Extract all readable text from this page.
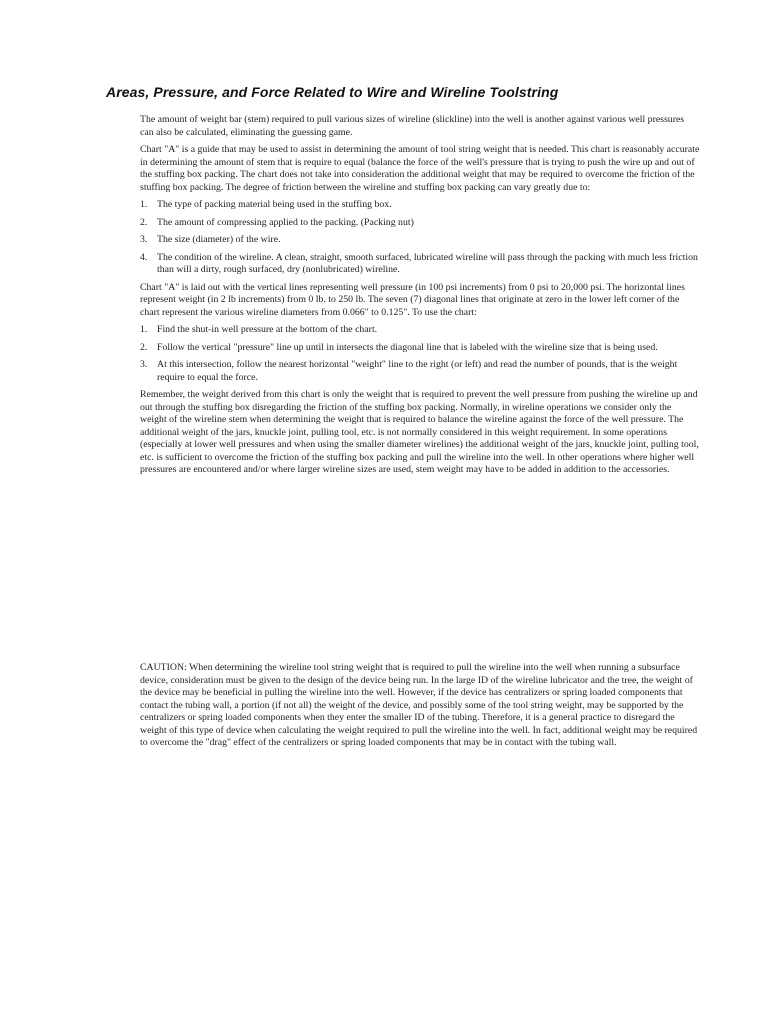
Areas, Pressure, and Force Related to Wire and Wireline Toolstring

The amount of weight bar (stem) required to pull various sizes of wireline (slickline) into the well is another against various well pressures can also be calculated, eliminating the guessing game.

Chart "A" is a guide that may be used to assist in determining the amount of tool string weight that is needed. This chart is reasonably accurate in determining the amount of stem that is require to equal (balance the force of the well's pressure that is trying to push the wire up and out of the stuffing box packing. The chart does not take into consideration the additional weight that may be required to overcome the friction of the stuffing box packing. The degree of friction between the wireline and stuffing box packing can vary greatly due to:

1. The type of packing material being used in the stuffing box.
2. The amount of compressing applied to the packing. (Packing nut)
3. The size (diameter) of the wire.
4. The condition of the wireline. A clean, straight, smooth surfaced, lubricated wireline will pass through the packing with much less friction than will a dirty, rough surfaced, dry (nonlubricated) wireline.

Chart "A" is laid out with the vertical lines representing well pressure (in 100 psi increments) from 0 psi to 20,000 psi. The horizontal lines represent weight (in 2 lb increments) from 0 lb. to 250 lb. The seven (7) diagonal lines that originate at zero in the lower left corner of the chart represent the various wireline diameters from 0.066" to 0.125". To use the chart:

1. Find the shut-in well pressure at the bottom of the chart.
2. Follow the vertical "pressure" line up until in intersects the diagonal line that is labeled with the wireline size that is being used.
3. At this intersection, follow the nearest horizontal "weight" line to the right (or left) and read the number of pounds, that is the weight require to equal the force.

Remember, the weight derived from this chart is only the weight that is required to prevent the well pressure from pushing the wireline up and out through the stuffing box disregarding the friction of the stuffing box packing. Normally, in wireline operations we consider only the weight of the wireline stem when determining the weight that is required to balance the wireline against the force of the well pressure. The additional weight of the jars, knuckle joint, pulling tool, etc. is not normally considered in this weight requirement. In some operations (especially at lower well pressures and when using the smaller diameter wirelines) the additional weight of the jars, knuckle joint, pulling tool, etc. is sufficient to overcome the friction of the stuffing box packing and pull the wireline into the well. In other operations where higher well pressures are encountered and/or where larger wireline sizes are used, stem weight may have to be added in addition to the accessories.

CAUTION: When determining the wireline tool string weight that is required to pull the wireline into the well when running a subsurface device, consideration must be given to the design of the device being run. In the large ID of the wireline lubricator and the tree, the weight of the device may be beneficial in pulling the wireline into the well. However, if the device has centralizers or spring loaded components that contact the tubing wall, a portion (if not all) the weight of the device, and possibly some of the tool string weight, may be supported by the centralizers or spring loaded components when they enter the smaller ID of the tubing. Therefore, it is a general practice to disregard the weight of this type of device when calculating the weight required to pull the wireline into the well. In fact, additional weight may be required to overcome the "drag" effect of the centralizers or spring loaded components that may be in contact with the tubing wall.
